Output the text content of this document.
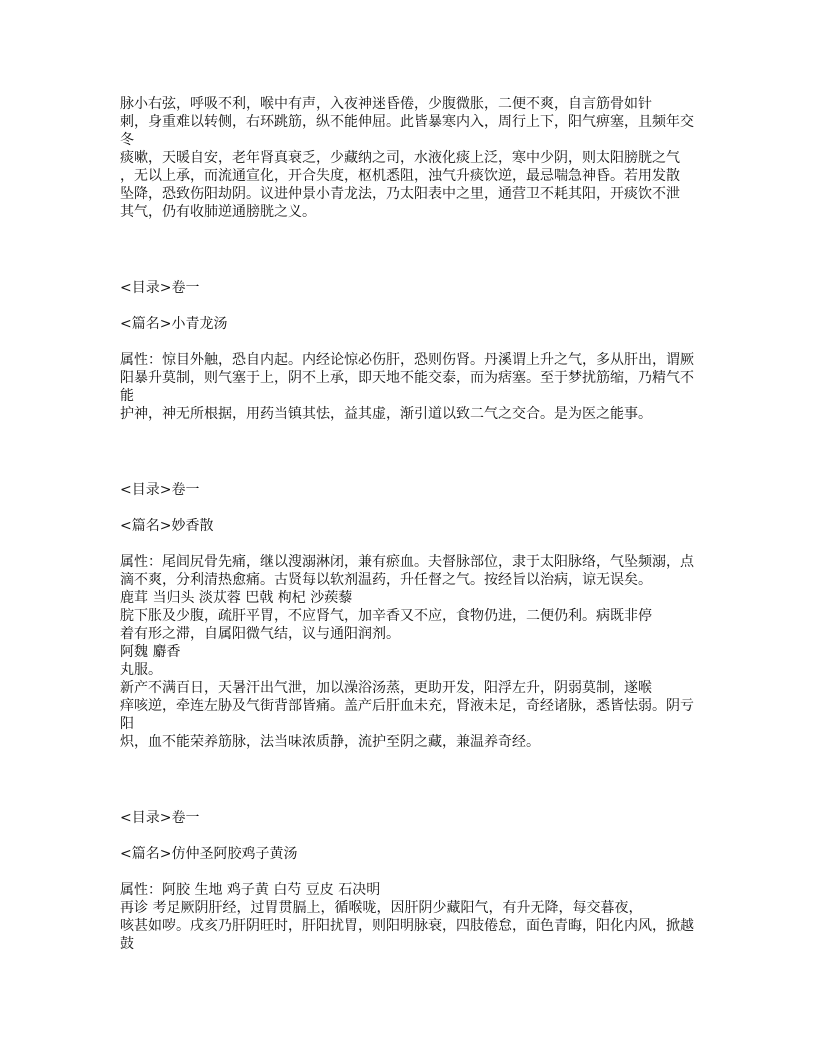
脉小右弦，呼吸不利，喉中有声，入夜神迷昏倦，少腹微胀，二便不爽，自言筋骨如针
刺，身重难以转侧，右环跳筋，纵不能伸屈。此皆暴寒内入，周行上下，阳气痹塞，且频年交
冬
痰嗽，天暖自安，老年肾真衰乏，少藏纳之司，水液化痰上泛，寒中少阴，则太阳膀胱之气
，无以上承，而流通宣化，开合失度，枢机悉阻，浊气升痰饮逆，最忌喘急神昏。若用发散
坠降，恐致伤阳劫阴。议进仲景小青龙法，乃太阳表中之里，通营卫不耗其阳，开痰饮不泄
其气，仍有收肺逆通膀胱之义。
<目录>卷一
<篇名>小青龙汤
属性：惊目外触，恐自内起。内经论惊必伤肝，恐则伤肾。丹溪谓上升之气，多从肝出，谓厥
阳暴升莫制，则气塞于上，阴不上承，即天地不能交泰，而为痞塞。至于梦扰筋缩，乃精气不
能
护神，神无所根据，用药当镇其怯，益其虚，渐引道以致二气之交合。是为医之能事。
<目录>卷一
<篇名>妙香散
属性：尾闾尻骨先痛，继以溲溺淋闭，兼有瘀血。夫督脉部位，隶于太阳脉络，气坠频溺，点
滴不爽，分利清热愈痛。古贤每以软剂温药，升任督之气。按经旨以治病，谅无误矣。
鹿茸 当归头 淡苁蓉 巴戟 枸杞 沙蒺藜
脘下胀及少腹，疏肝平胃，不应肾气，加辛香又不应，食物仍进，二便仍利。病既非停
着有形之滞，自属阳微气结，议与通阳润剂。
阿魏 麝香
丸服。
新产不满百日，天暑汗出气泄，加以澡浴汤蒸，更助开发，阳浮左升，阴弱莫制，遂喉
痒咳逆，牵连左胁及气街背部皆痛。盖产后肝血未充，肾液未足，奇经诸脉，悉皆怯弱。阴亏
阳
炽，血不能荣养筋脉，法当味浓质静，流护至阴之藏，兼温养奇经。
<目录>卷一
<篇名>仿仲圣阿胶鸡子黄汤
属性：阿胶 生地 鸡子黄 白芍 豆皮 石决明
再诊 考足厥阴肝经，过胃贯膈上，循喉咙，因肝阴少藏阳气，有升无降，每交暮夜，
咳甚如哕。戌亥乃肝阴旺时，肝阳扰胃，则阳明脉衰，四肢倦怠，面色青晦，阳化内风，掀越
鼓
